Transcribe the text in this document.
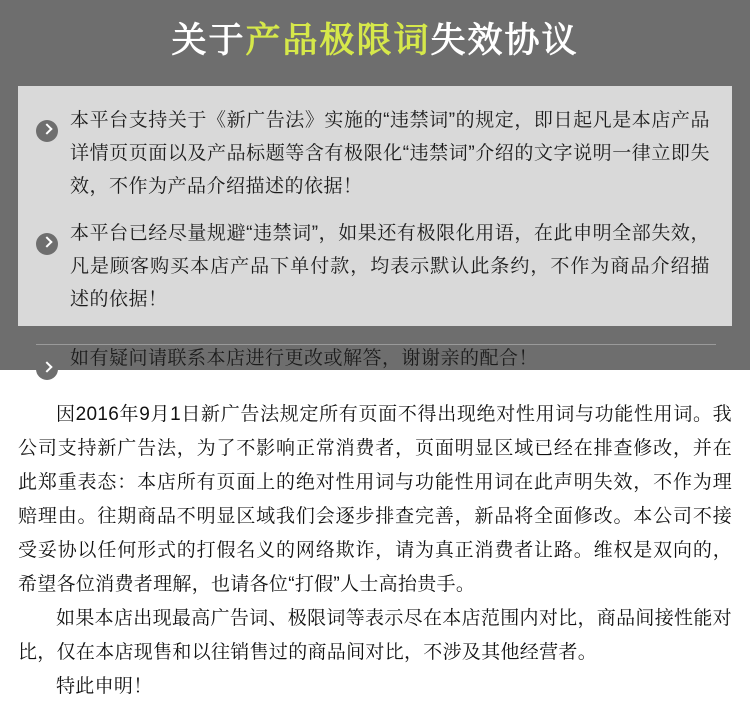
关于产品极限词失效协议
本平台支持关于《新广告法》实施的“违禁词”的规定，即日起凡是本店产品详情页页面以及产品标题等含有极限化“违禁词”介绍的文字说明一律立即失效，不作为产品介绍描述的依据！
本平台已经尽量规避“违禁词”，如果还有极限化用语，在此申明全部失效，凡是顾客购买本店产品下单付款，均表示默认此条约，不作为商品介绍描述的依据！
如有疑问请联系本店进行更改或解答，谢谢亲的配合！

因2016年9月1日新广告法规定所有页面不得出现绝对性用词与功能性用词。我公司支持新广告法，为了不影响正常消费者，页面明显区域已经在排查修改，并在此郑重表态：本店所有页面上的绝对性用词与功能性用词在此声明失效，不作为理赔理由。往期商品不明显区域我们会逐步排查完善，新品将全面修改。本公司不接受妥协以任何形式的打假名义的网络欺诈，请为真正消费者让路。维权是双向的，希望各位消费者理解，也请各位“打假”人士高抬贵手。

如果本店出现最高广告词、极限词等表示尽在本店范围内对比，商品间接性能对比，仅在本店现售和以往销售过的商品间对比，不涉及其他经营者。

特此申明！
